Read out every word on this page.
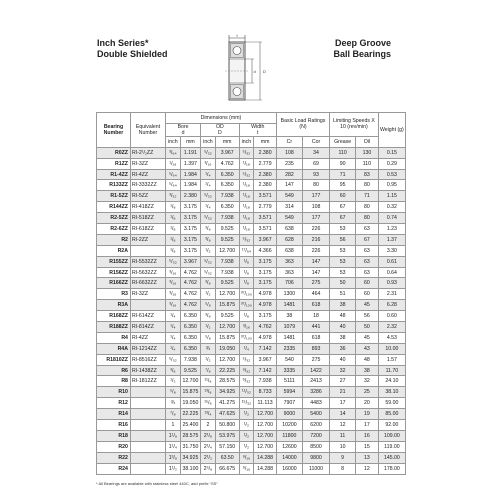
Inch Series*
Double Shielded
t
D
d
Deep Groove
Ball Bearings
Bearing Number	Equivalent Number	Dimensions (mm)						Basic Load Ratings (N)		Limiting Speeds X 10 (rev/min)		Weight (g)
		Bore
d		OD
D		Width
t						
		inch	mm	inch	mm	inch	mm	Cr	Cor	Grease	Oil	
R0ZZ	RI-2¹/₂ZZ	³/₆₄	1.191	⁵/₃₂	3.967	⁵/₃₂	2.380	108	34	110	130	0.15
R1ZZ	RI-3ZZ	¹/₁₈	1.397	³/₁₆	4.762	¹/₁₈	2.779	235	69	90	110	0.29
R1-4ZZ	RI-4ZZ	⁵/₆₄	1.984	¹/₄	6.350	⁵/₃₂	2.380	282	93	71	83	0.53
R133ZZ	RI-3332ZZ	⁵/₆₄	1.984	¹/₄	6.350	¹/₁₈	2.380	147	80	95	80	0.95
R1-5ZZ	RI-5ZZ	³/₃₂	2.380	⁵/₃₂	7.938	¹/₁₈	3.571	549	177	60	71	1.15
R144ZZ	RI-418ZZ	¹/₈	3.175	¹/₄	6.350	¹/₁₈	2.779	314	108	67	80	0.32
R2-5ZZ	RI-518ZZ	¹/₈	3.175	⁵/₃₂	7.938	¹/₁₈	3.571	549	177	67	80	0.74
R2-6ZZ	RI-618ZZ	¹/₈	3.175	³/₈	9.525	¹/₁₈	3.571	638	226	53	63	1.23
R2	RI-2ZZ	¹/₈	3.175	³/₈	9.525	⁵/₃₂	3.967	628	216	56	67	1.37
R2A		¹/₈	3.175	¹/₂	12.700	¹⁷/₆₄	4.366	638	226	53	63	3.30
R155ZZ	RI-5532ZZ	⁵/₃₂	3.967	⁵/₃₂	7.938	¹/₈	3.175	363	147	53	63	0.61
R156ZZ	RI-5632ZZ	³/₁₆	4.762	⁵/₃₂	7.938	¹/₈	3.175	363	147	53	63	0.64
R166ZZ	RI-6632ZZ	³/₁₆	4.762	³/₈	9.525	¹/₈	3.175	706	275	50	60	0.93
R3	RI-3ZZ	³/₁₆	4.762	¹/₂	12.700	³⁷/₁₀₀	4.978	1300	464	51	60	2.31
R3A		³/₁₆	4.762	⁵/₈	15.875	³⁷/₁₀₀	4.978	1481	618	38	45	6.28
R168ZZ	RI-614ZZ	¹/₄	6.350	³/₈	9.525	¹/₈	3.175	38	18	48	56	0.60
R188ZZ	RI-814ZZ	¹/₄	6.350	¹/₂	12.700	³/₁₆	4.762	1079	441	40	50	2.32
R4	RI-4ZZ	¹/₄	6.350	⁵/₈	15.875	³⁷/₁₀₀	4.978	1481	618	38	45	4.53
R4A	RI-1214ZZ	¹/₄	6.350	¾	19.050	¹/₄	7.142	2335	893	36	43	10.00
R1810ZZ	RI-8516ZZ	⁵/₃₂	7.938	¹/₂	12.700	⁵/₃₂	3.967	540	275	40	48	1.57
R6	RI-1438ZZ	³/₈	9.525	⁷/₈	22.225	⁹/₃₂	7.142	3335	1422	32	38	11.70
R8	RI-1812ZZ	¹/₂	12.700	¹¹/₈	28.575	⁹/₃₂	7.938	5111	2413	27	32	24.10
R10		⁵/₈	15.875	¹³/₈	34.925	¹¹/₃₂	8.733	5994	3286	21	25	38.10
R12		¾	19.050	¹⁵/₈	41.275	¹⁵/₃₂	11.113	7907	4483	17	20	59.00
R14		⁷/₈	22.225	¹³/₄	47.625	¹/₂	12.700	9000	5400	14	19	85.00
R16		1	25.400	2	50.800	¹/₂	12.700	10200	6200	12	17	92.00
R18		1¹/₈	28.575	2¹/₈	53.975	¹/₂	12.700	11800	7200	11	16	109.00
R20		1¹/₄	31.750	2¹/₄	57.150	¹/₂	12.700	12600	8500	10	15	119.00
R22		1³/₈	34.925	2¹/₂	63.50	⁹/₁₆	14.288	14000	9800	9	13	145.00
R24		1¹/₂	38.100	2⁵/₈	66.675	⁹/₁₆	14.288	16000	11000	8	12	178.00
* All Bearings are available with stainless steel 440C, add prefix “SS”
